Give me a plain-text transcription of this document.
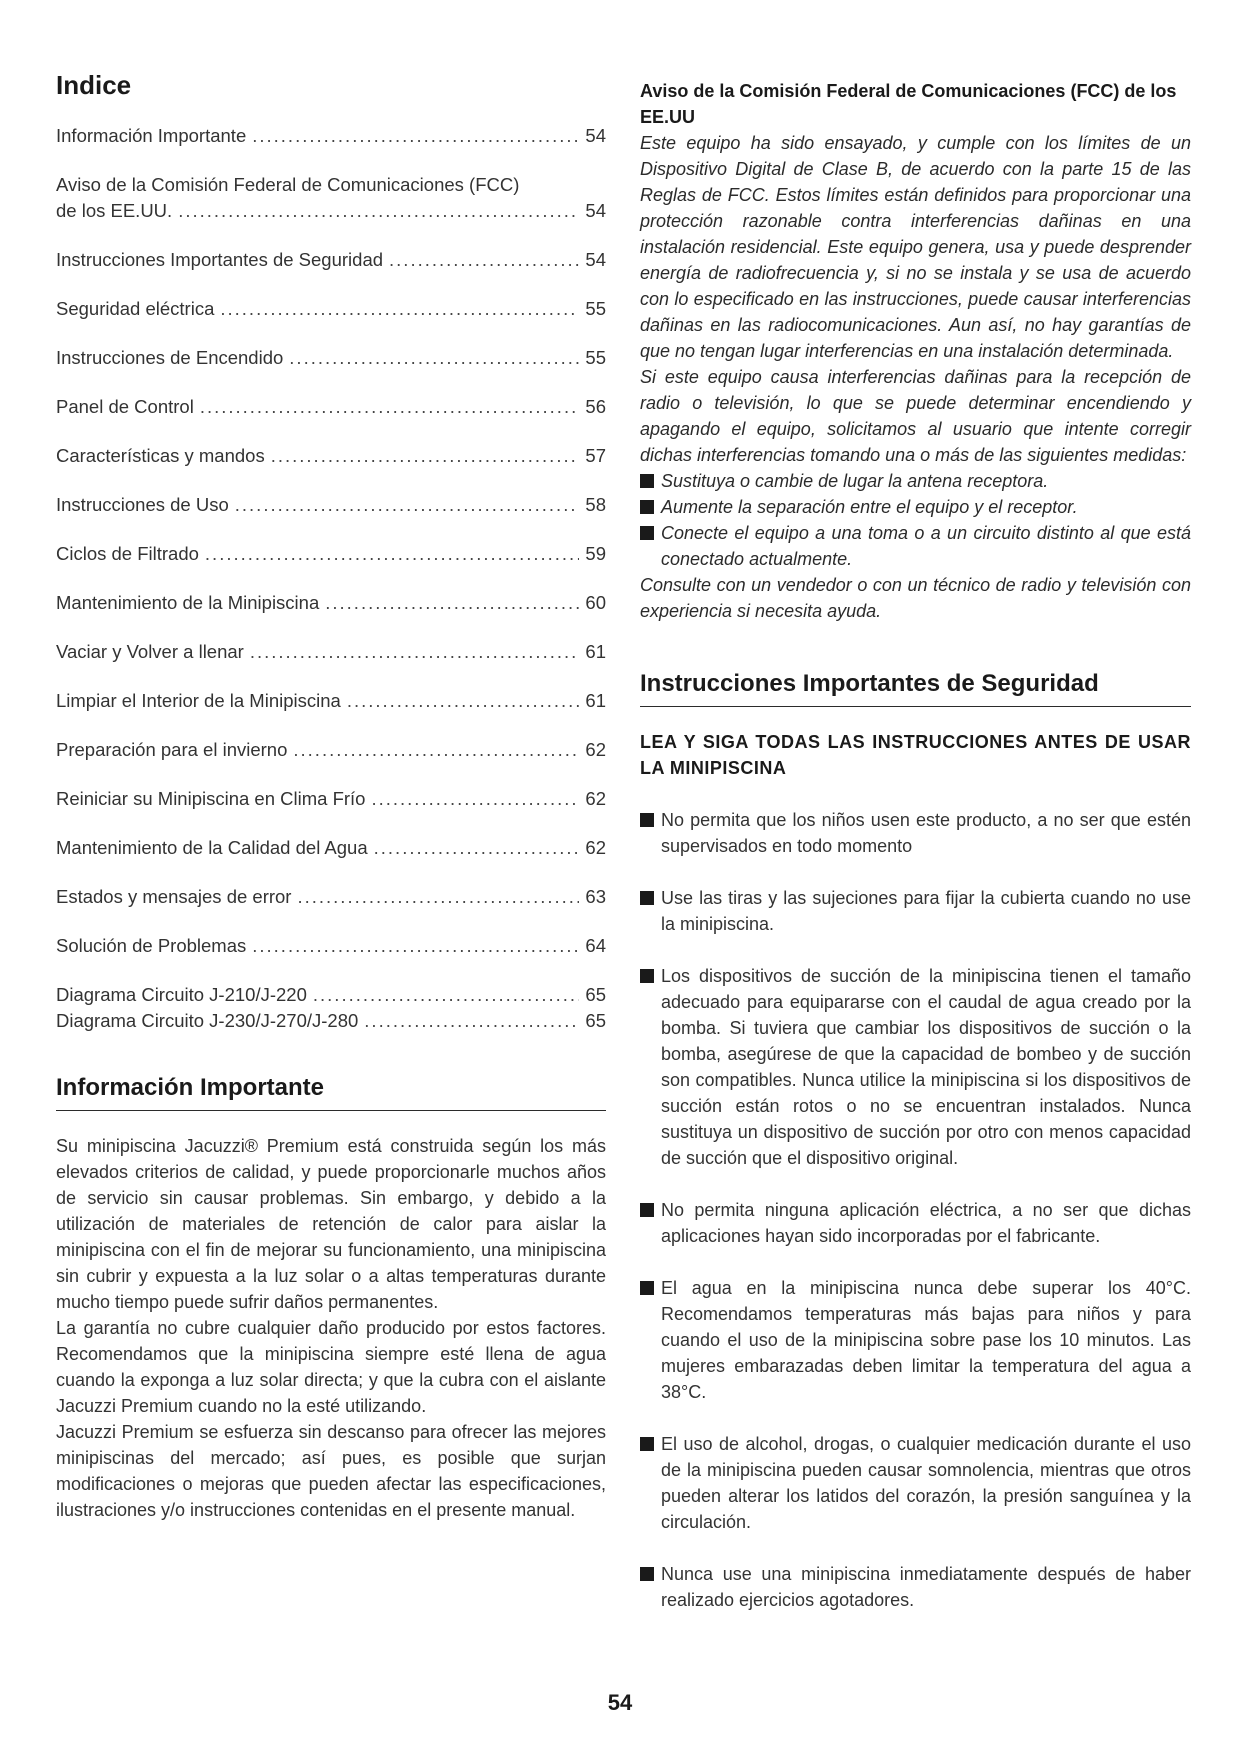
Indice
Información Importante .....	54
Aviso de la Comisión Federal de Comunicaciones (FCC)
de los EE.UU. .....	54
Instrucciones Importantes de Seguridad .....	54
Seguridad eléctrica .....	55
Instrucciones de Encendido .....	55
Panel de Control .....	56
Características y mandos .....	57
Instrucciones de Uso .....	58
Ciclos de Filtrado .....	59
Mantenimiento de la Minipiscina .....	60
Vaciar y Volver a llenar .....	61
Limpiar el Interior de la Minipiscina .....	61
Preparación para el invierno .....	62
Reiniciar su Minipiscina en Clima Frío .....	62
Mantenimiento de la Calidad del Agua .....	62
Estados y mensajes de error .....	63
Solución de Problemas .....	64
Diagrama Circuito J-210/J-220 .....	65
Diagrama Circuito J-230/J-270/J-280 .....	65
Información Importante

Su minipiscina Jacuzzi® Premium está construida según los más elevados criterios de calidad, y puede proporcionarle muchos años de servicio sin causar problemas. Sin embargo, y debido a la utilización de materiales de retención de calor para aislar la minipiscina con el fin de mejorar su funcionamiento, una minipiscina sin cubrir y expuesta a la luz solar o a altas temperaturas durante mucho tiempo puede sufrir daños permanentes.

La garantía no cubre cualquier daño producido por estos factores. Recomendamos que la minipiscina siempre esté llena de agua cuando la exponga a luz solar directa; y que la cubra con el aislante Jacuzzi Premium cuando no la esté utilizando.

Jacuzzi Premium se esfuerza sin descanso para ofrecer las mejores minipiscinas del mercado; así pues, es posible que surjan modificaciones o mejoras que pueden afectar las especificaciones, ilustraciones y/o instrucciones contenidas en el presente manual.

Aviso de la Comisión Federal de Comunicaciones (FCC) de los EE.UU

Este equipo ha sido ensayado, y cumple con los límites de un Dispositivo Digital de Clase B, de acuerdo con la parte 15 de las Reglas de FCC. Estos límites están definidos para proporcionar una protección razonable contra interferencias dañinas en una instalación residencial. Este equipo genera, usa y puede desprender energía de radiofrecuencia y, si no se instala y se usa de acuerdo con lo especificado en las instrucciones, puede causar interferencias dañinas en las radiocomunicaciones. Aun así, no hay garantías de que no tengan lugar interferencias en una instalación determinada.

Si este equipo causa interferencias dañinas para la recepción de radio o televisión, lo que se puede determinar encendiendo y apagando el equipo, solicitamos al usuario que intente corregir dichas interferencias tomando una o más de las siguientes medidas:

Sustituya o cambie de lugar la antena receptora.
Aumente la separación entre el equipo y el receptor.
Conecte el equipo a una toma o a un circuito distinto al que está conectado actualmente.

Consulte con un vendedor o con un técnico de radio y televisión con experiencia si necesita ayuda.

Instrucciones Importantes de Seguridad
LEA Y SIGA TODAS LAS INSTRUCCIONES ANTES DE USAR LA MINIPISCINA
No permita que los niños usen este producto, a no ser que estén supervisados en todo momento
Use las tiras y las sujeciones para fijar la cubierta cuando no use la minipiscina.
Los dispositivos de succión de la minipiscina tienen el tamaño adecuado para equipararse con el caudal de agua creado por la bomba. Si tuviera que cambiar los dispositivos de succión o la bomba, asegúrese de que la capacidad de bombeo y de succión son compatibles. Nunca utilice la minipiscina si los dispositivos de succión están rotos o no se encuentran instalados. Nunca sustituya un dispositivo de succión por otro con menos capacidad de succión que el dispositivo original.
No permita ninguna aplicación eléctrica, a no ser que dichas aplicaciones hayan sido incorporadas por el fabricante.
El agua en la minipiscina nunca debe superar los 40°C. Recomendamos temperaturas más bajas para niños y para cuando el uso de la minipiscina sobre pase los 10 minutos. Las mujeres embarazadas deben limitar la temperatura del agua a 38°C.
El uso de alcohol, drogas, o cualquier medicación durante el uso de la minipiscina pueden causar somnolencia, mientras que otros pueden alterar los latidos del corazón, la presión sanguínea y la circulación.
Nunca use una minipiscina inmediatamente después de haber realizado ejercicios agotadores.
54
